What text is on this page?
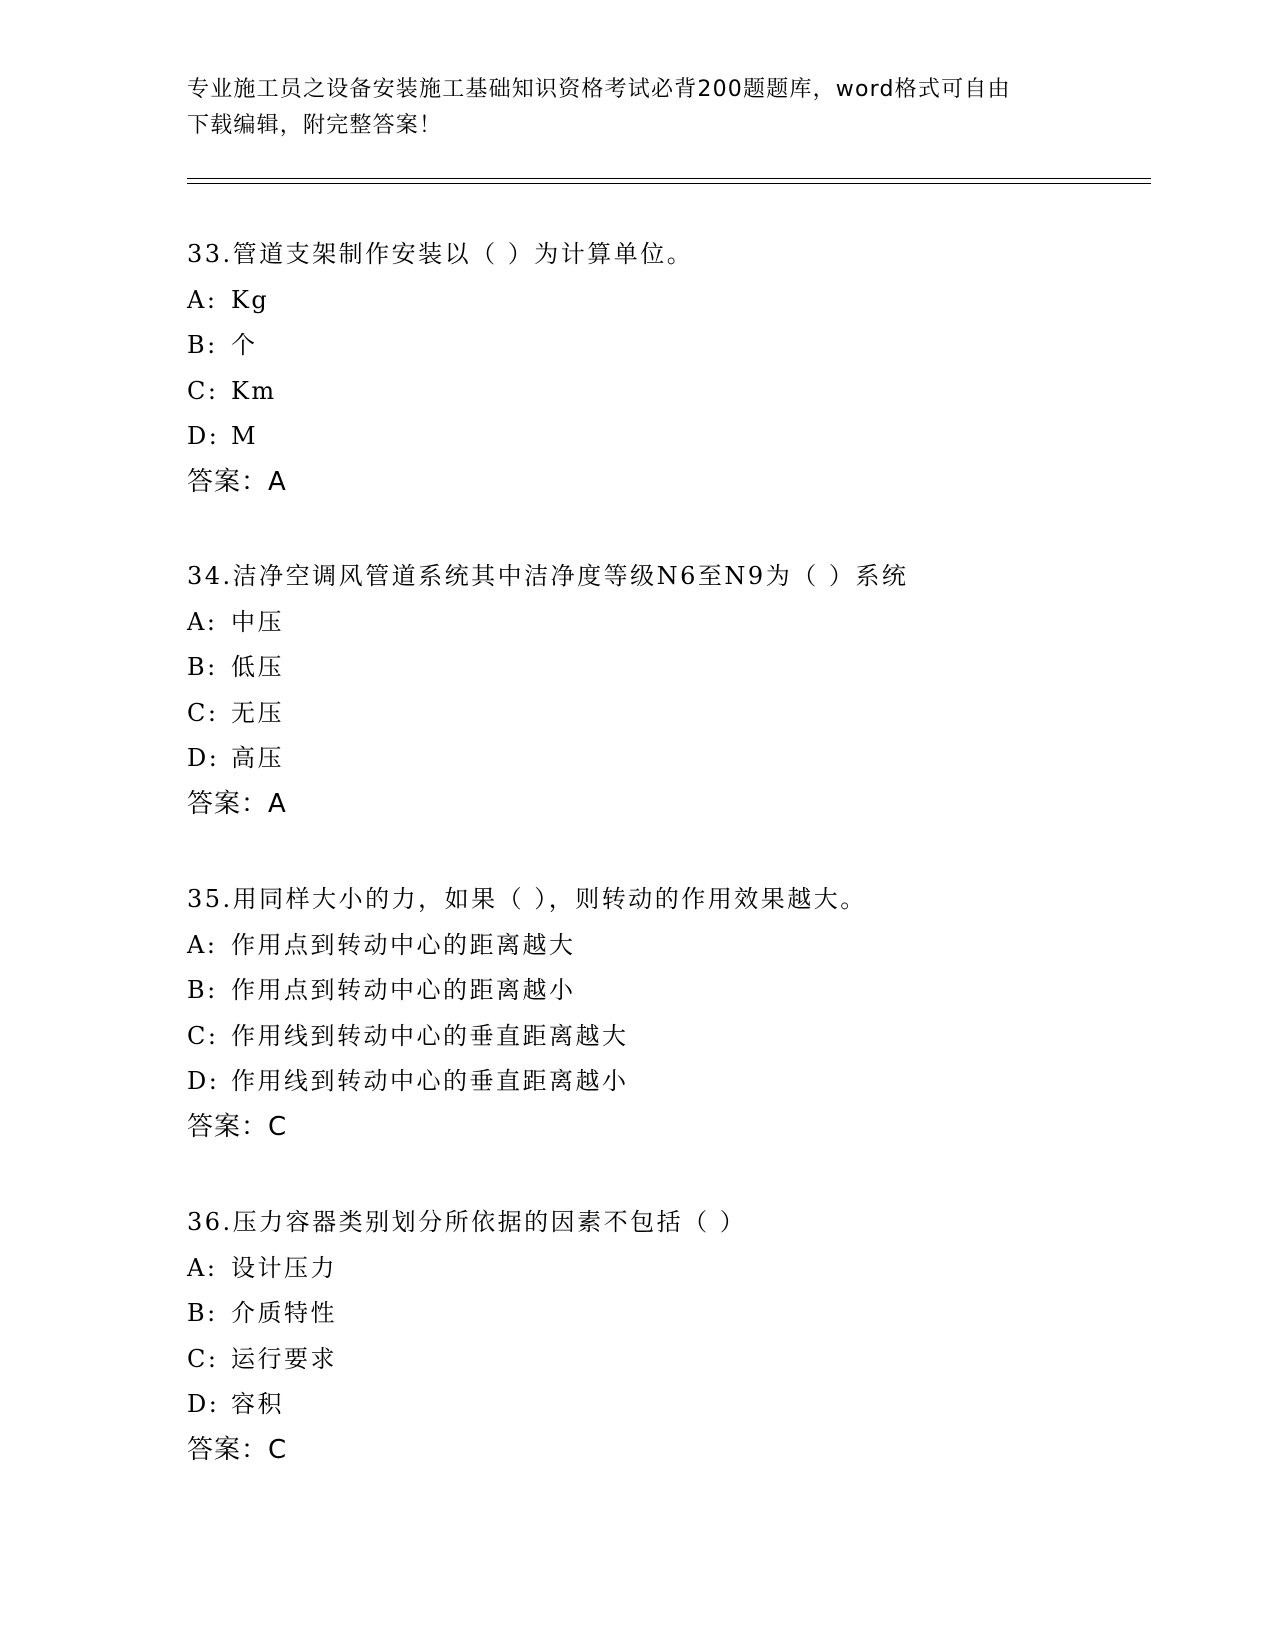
专业施工员之设备安装施工基础知识资格考试必背200题题库，word格式可自由
下载编辑，附完整答案！
33.管道支架制作安装以（ ）为计算单位。
A: Kg
B: 个
C: Km
D: M
答案：A
34.洁净空调风管道系统其中洁净度等级N6至N9为（ ）系统
A: 中压
B: 低压
C: 无压
D: 高压
答案：A
35.用同样大小的力，如果（ ），则转动的作用效果越大。
A: 作用点到转动中心的距离越大
B: 作用点到转动中心的距离越小
C: 作用线到转动中心的垂直距离越大
D: 作用线到转动中心的垂直距离越小
答案：C
36.压力容器类别划分所依据的因素不包括（ ）
A: 设计压力
B: 介质特性
C: 运行要求
D: 容积
答案：C
